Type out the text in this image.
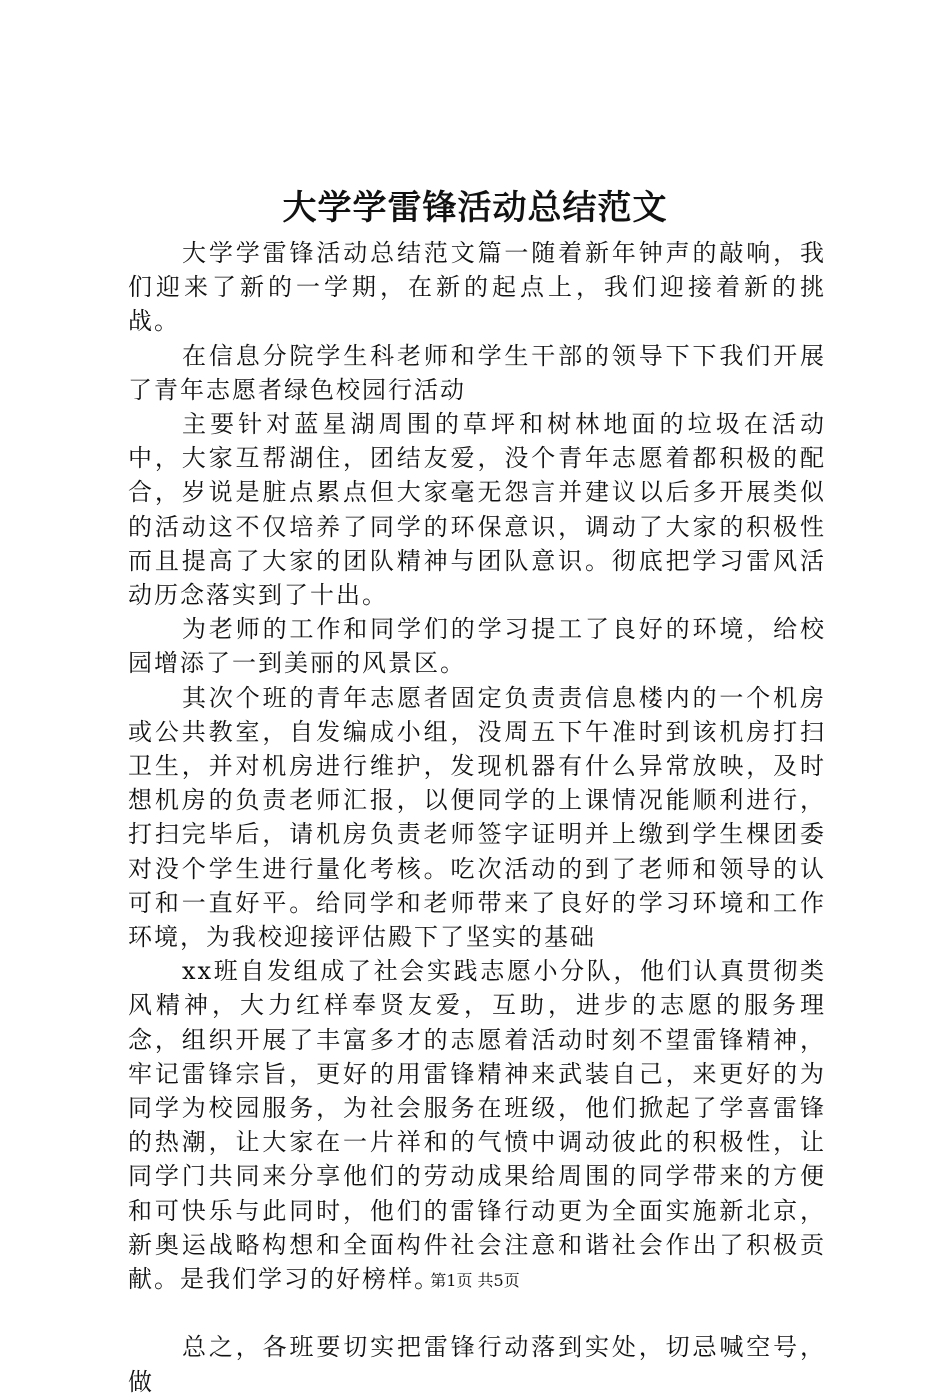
大学学雷锋活动总结范文

大学学雷锋活动总结范文篇一随着新年钟声的敲响，我们迎来了新的一学期，在新的起点上，我们迎接着新的挑战。

在信息分院学生科老师和学生干部的领导下下我们开展了青年志愿者绿色校园行活动

主要针对蓝星湖周围的草坪和树林地面的垃圾在活动中，大家互帮湖住，团结友爱，没个青年志愿着都积极的配合，岁说是脏点累点但大家毫无怨言并建议以后多开展类似的活动这不仅培养了同学的环保意识，调动了大家的积极性而且提高了大家的团队精神与团队意识。彻底把学习雷风活动历念落实到了十出。

为老师的工作和同学们的学习提工了良好的环境，给校园增添了一到美丽的风景区。

其次个班的青年志愿者固定负责责信息楼内的一个机房或公共教室，自发编成小组，没周五下午准时到该机房打扫卫生，并对机房进行维护，发现机器有什么异常放映，及时想机房的负责老师汇报，以便同学的上课情况能顺利进行，打扫完毕后，请机房负责老师签字证明并上缴到学生棵团委对没个学生进行量化考核。吃次活动的到了老师和领导的认可和一直好平。给同学和老师带来了良好的学习环境和工作环境，为我校迎接评估殿下了坚实的基础

xx班自发组成了社会实践志愿小分队，他们认真贯彻类风精神，大力红样奉贤友爱，互助，进步的志愿的服务理念，组织开展了丰富多才的志愿着活动时刻不望雷锋精神，牢记雷锋宗旨，更好的用雷锋精神来武装自己，来更好的为同学为校园服务，为社会服务在班级，他们掀起了学喜雷锋的热潮，让大家在一片祥和的气愤中调动彼此的积极性，让同学门共同来分享他们的劳动成果给周围的同学带来的方便和可快乐与此同时，他们的雷锋行动更为全面实施新北京，新奥运战略构想和全面构件社会注意和谐社会作出了积极贡献。是我们学习的好榜样。

总之，各班要切实把雷锋行动落到实处，切忌喊空号，做

第1页 共5页
